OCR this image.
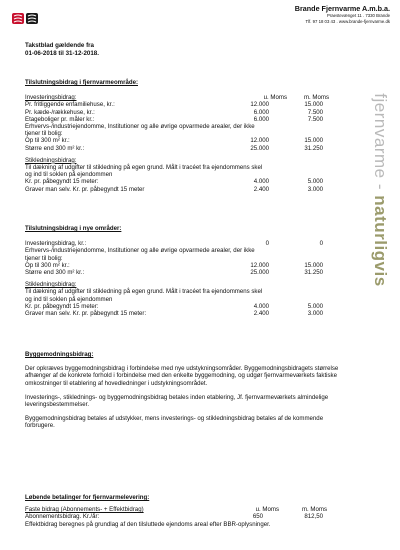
Brande Fjernvarme A.m.b.a.
Praestevænget 11 . 7330 Brande
Tlf. 97 18 03 43 . www.brande-fjernvarme.dk
Takstblad gældende fra
01-06-2018 til 31-12-2018.
fjernvarme - naturligvis
Tilslutningsbidrag i fjernvarmeområde:
Investeringsbidrag:	u. Moms	m. Moms
Pr. fritliggende enfamiliehuse, kr.:	12.000	15.000
Pr. kæde-/rækkehuse, kr.:	6.000	7.500
Etageboliger pr. måler kr.:	6.000	7.500
Erhvervs-/industriejendomme, Institutioner og alle øvrige opvarmede arealer, der ikke tjener til bolig:
Op til 300 m² kr.:	12.000	15.000
Større end 300 m² kr.:	25.000	31.250
Stikledningsbidrag:
Til dækning af udgifter til stikledning på egen grund. Målt i tracéet fra ejendommens skel og ind til soklen på ejendommen
Kr. pr. påbegyndt 15 meter:	4.000	5.000
Graver man selv. Kr. pr. påbegyndt 15 meter	2.400	3.000
Tilslutningsbidrag i nye områder:
Investeringsbidrag, kr.:	0	0
Erhvervs-/industriejendomme, Institutioner og alle øvrige opvarmede arealer, der ikke tjener til bolig:
Op til 300 m² kr.:	12.000	15.000
Større end 300 m² kr.:	25.000	31.250
Stikledningsbidrag:
Til dækning af udgifter til stikledning på egen grund. Målt i tracéet fra ejendommens skel og ind til soklen på ejendommen
Kr. pr. påbegyndt 15 meter:	4.000	5.000
Graver man selv. Kr. pr. påbegyndt 15 meter:	2.400	3.000
Byggemodningsbidrag:
Der opkræves byggemodningsbidrag i forbindelse med nye udstykningsområder. Byggemodningsbidragets størrelse afhænger af de konkrete forhold i forbindelse med den enkelte byggemodning, og udgør fjernvarmeværkets faktiske omkostninger til etablering af hovedledninger i udstykningsområdet.
Investerings-, stiklednings- og byggemodningsbidrag betales inden etablering, Jf. fjernvarmeværkets almindelige leveringsbestemmelser.
Byggemodningsbidrag betales af udstykker, mens investerings- og stikledningsbidrag betales af de kommende forbrugere.
Løbende betalinger for fjernvarmelevering:
Faste bidrag (Abonnements- + Effektbidrag)	u. Moms	m. Moms
Abonnementsbidrag. Kr./år:	650	812,50
Effektbidrag beregnes på grundlag af den tilsluttede ejendoms areal efter BBR-oplysninger.
